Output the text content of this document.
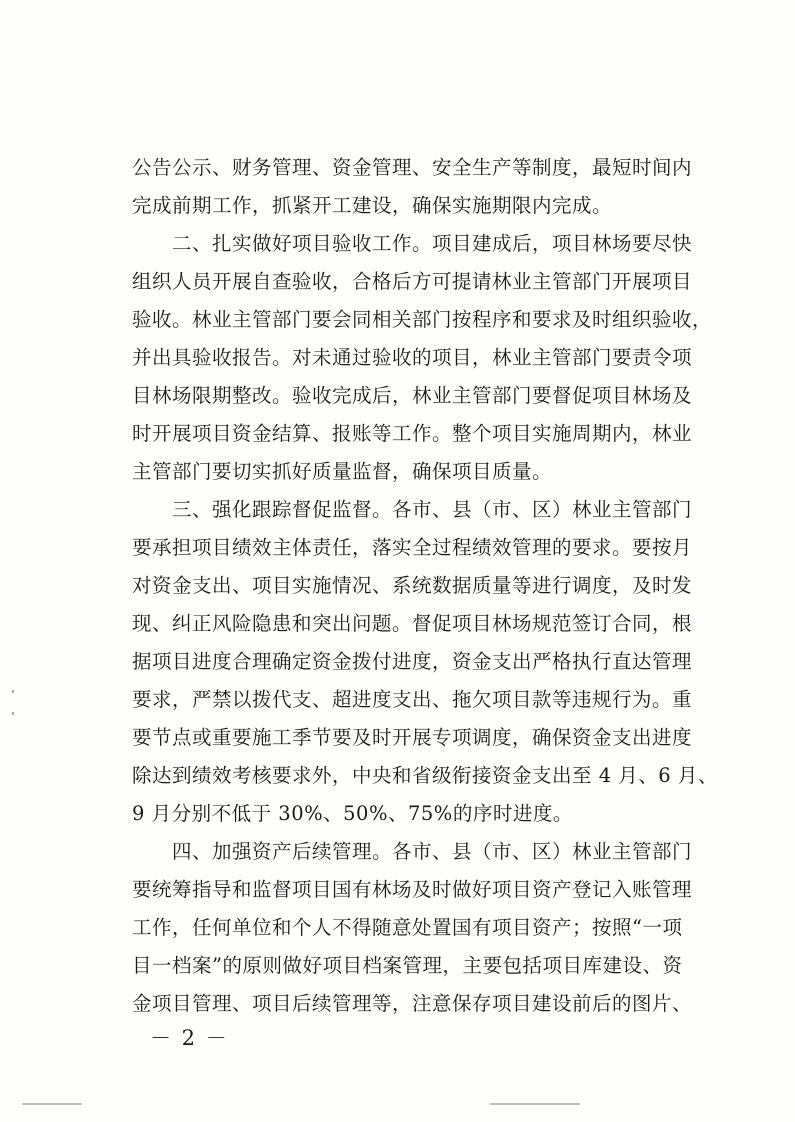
公告公示、财务管理、资金管理、安全生产等制度，最短时间内
完成前期工作，抓紧开工建设，确保实施期限内完成。
二、扎实做好项目验收工作。项目建成后，项目林场要尽快
组织人员开展自查验收，合格后方可提请林业主管部门开展项目
验收。林业主管部门要会同相关部门按程序和要求及时组织验收，
并出具验收报告。对未通过验收的项目，林业主管部门要责令项
目林场限期整改。验收完成后，林业主管部门要督促项目林场及
时开展项目资金结算、报账等工作。整个项目实施周期内，林业
主管部门要切实抓好质量监督，确保项目质量。
三、强化跟踪督促监督。各市、县（市、区）林业主管部门
要承担项目绩效主体责任，落实全过程绩效管理的要求。要按月
对资金支出、项目实施情况、系统数据质量等进行调度，及时发
现、纠正风险隐患和突出问题。督促项目林场规范签订合同，根
据项目进度合理确定资金拨付进度，资金支出严格执行直达管理
要求，严禁以拨代支、超进度支出、拖欠项目款等违规行为。重
要节点或重要施工季节要及时开展专项调度，确保资金支出进度
除达到绩效考核要求外，中央和省级衔接资金支出至 4 月、6 月、
9 月分别不低于 30%、50%、75%的序时进度。
四、加强资产后续管理。各市、县（市、区）林业主管部门
要统筹指导和监督项目国有林场及时做好项目资产登记入账管理
工作，任何单位和个人不得随意处置国有项目资产；按照“一项
目一档案”的原则做好项目档案管理，主要包括项目库建设、资
金项目管理、项目后续管理等，注意保存项目建设前后的图片、
－ 2 －
